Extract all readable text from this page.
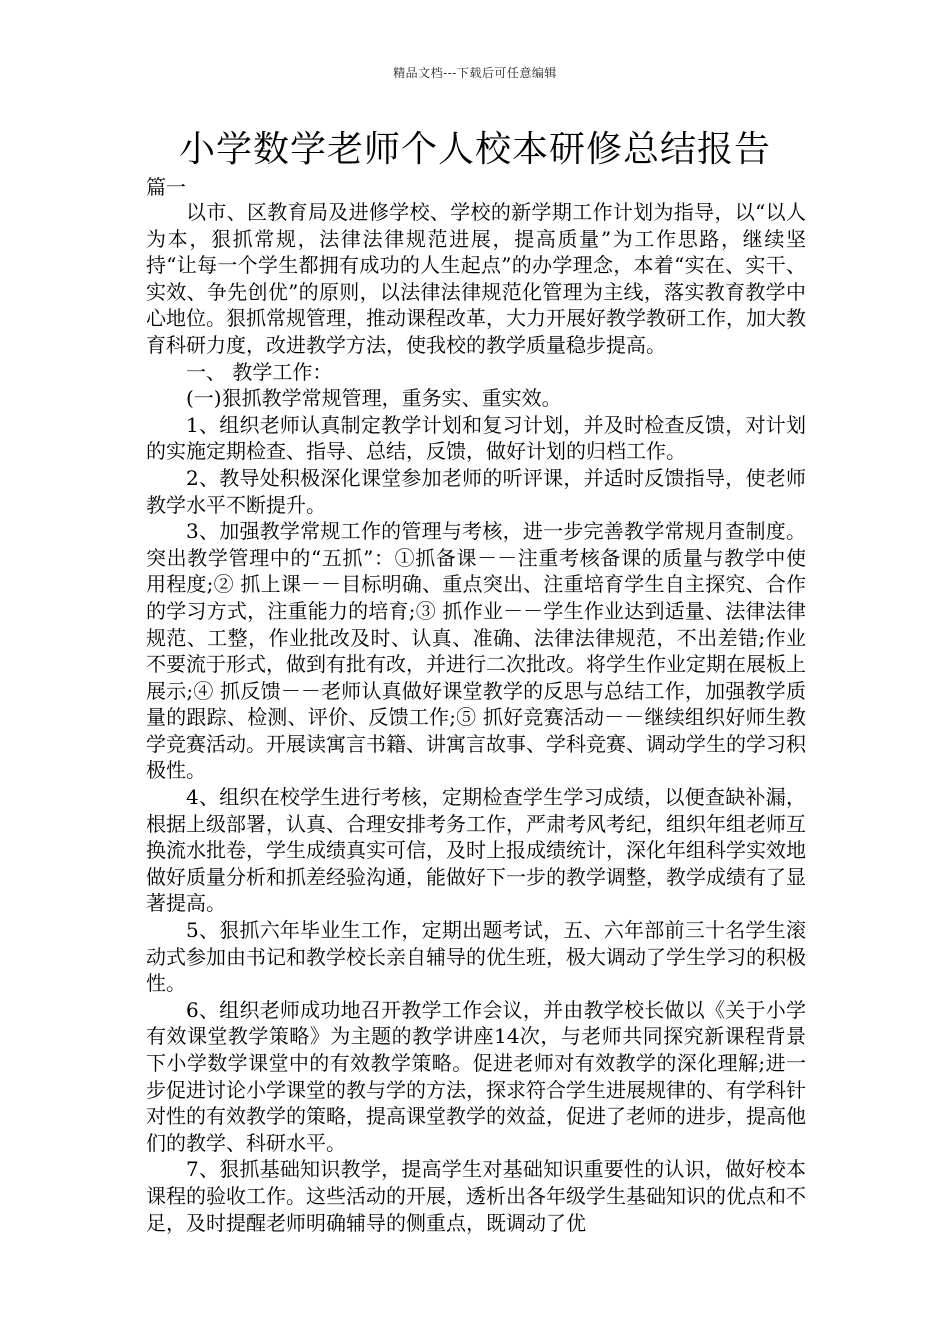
精品文档---下载后可任意编辑
小学数学老师个人校本研修总结报告
篇一

以市、区教育局及进修学校、学校的新学期工作计划为指导，以“以人为本，狠抓常规，法律法律规范进展，提高质量”为工作思路，继续坚持“让每一个学生都拥有成功的人生起点”的办学理念，本着“实在、实干、实效、争先创优”的原则，以法律法律规范化管理为主线，落实教育教学中心地位。狠抓常规管理，推动课程改革，大力开展好教学教研工作，加大教育科研力度，改进教学方法，使我校的教学质量稳步提高。

一、 教学工作：

(一)狠抓教学常规管理，重务实、重实效。

1、组织老师认真制定教学计划和复习计划，并及时检查反馈，对计划的实施定期检查、指导、总结，反馈，做好计划的归档工作。

2、教导处积极深化课堂参加老师的听评课，并适时反馈指导，使老师教学水平不断提升。

3、加强教学常规工作的管理与考核，进一步完善教学常规月查制度。突出教学管理中的“五抓”：①抓备课－－注重考核备课的质量与教学中使用程度;② 抓上课－－目标明确、重点突出、注重培育学生自主探究、合作的学习方式，注重能力的培育;③ 抓作业－－学生作业达到适量、法律法律规范、工整，作业批改及时、认真、准确、法律法律规范，不出差错;作业不要流于形式，做到有批有改，并进行二次批改。将学生作业定期在展板上展示;④ 抓反馈－－老师认真做好课堂教学的反思与总结工作，加强教学质量的跟踪、检测、评价、反馈工作;⑤ 抓好竞赛活动－－继续组织好师生教学竞赛活动。开展读寓言书籍、讲寓言故事、学科竞赛、调动学生的学习积极性。

4、组织在校学生进行考核，定期检查学生学习成绩，以便查缺补漏，根据上级部署，认真、合理安排考务工作，严肃考风考纪，组织年组老师互换流水批卷，学生成绩真实可信，及时上报成绩统计，深化年组科学实效地做好质量分析和抓差经验沟通，能做好下一步的教学调整，教学成绩有了显著提高。

5、狠抓六年毕业生工作，定期出题考试，五、六年部前三十名学生滚动式参加由书记和教学校长亲自辅导的优生班，极大调动了学生学习的积极性。

6、组织老师成功地召开教学工作会议，并由教学校长做以《关于小学有效课堂教学策略》为主题的教学讲座14次，与老师共同探究新课程背景下小学数学课堂中的有效教学策略。促进老师对有效教学的深化理解;进一步促进讨论小学课堂的教与学的方法，探求符合学生进展规律的、有学科针对性的有效教学的策略，提高课堂教学的效益，促进了老师的进步，提高他们的教学、科研水平。

7、狠抓基础知识教学，提高学生对基础知识重要性的认识，做好校本课程的验收工作。这些活动的开展，透析出各年级学生基础知识的优点和不足，及时提醒老师明确辅导的侧重点，既调动了优
